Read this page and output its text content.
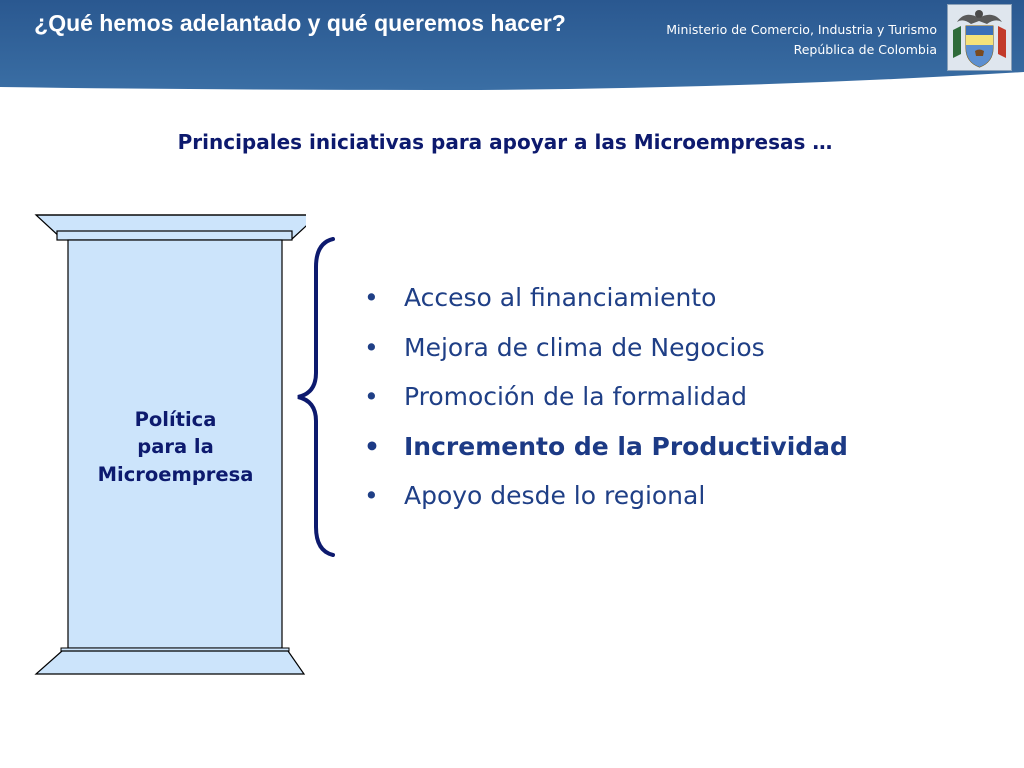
¿Qué hemos adelantado y qué queremos hacer?	Ministerio de Comercio, Industria y Turismo
República de Colombia
Principales iniciativas para apoyar a las Microempresas …
Política
para la
Microempresa
• Acceso al financiamiento
• Mejora de clima de Negocios
• Promoción de la formalidad
• Incremento de la Productividad
• Apoyo desde lo regional
